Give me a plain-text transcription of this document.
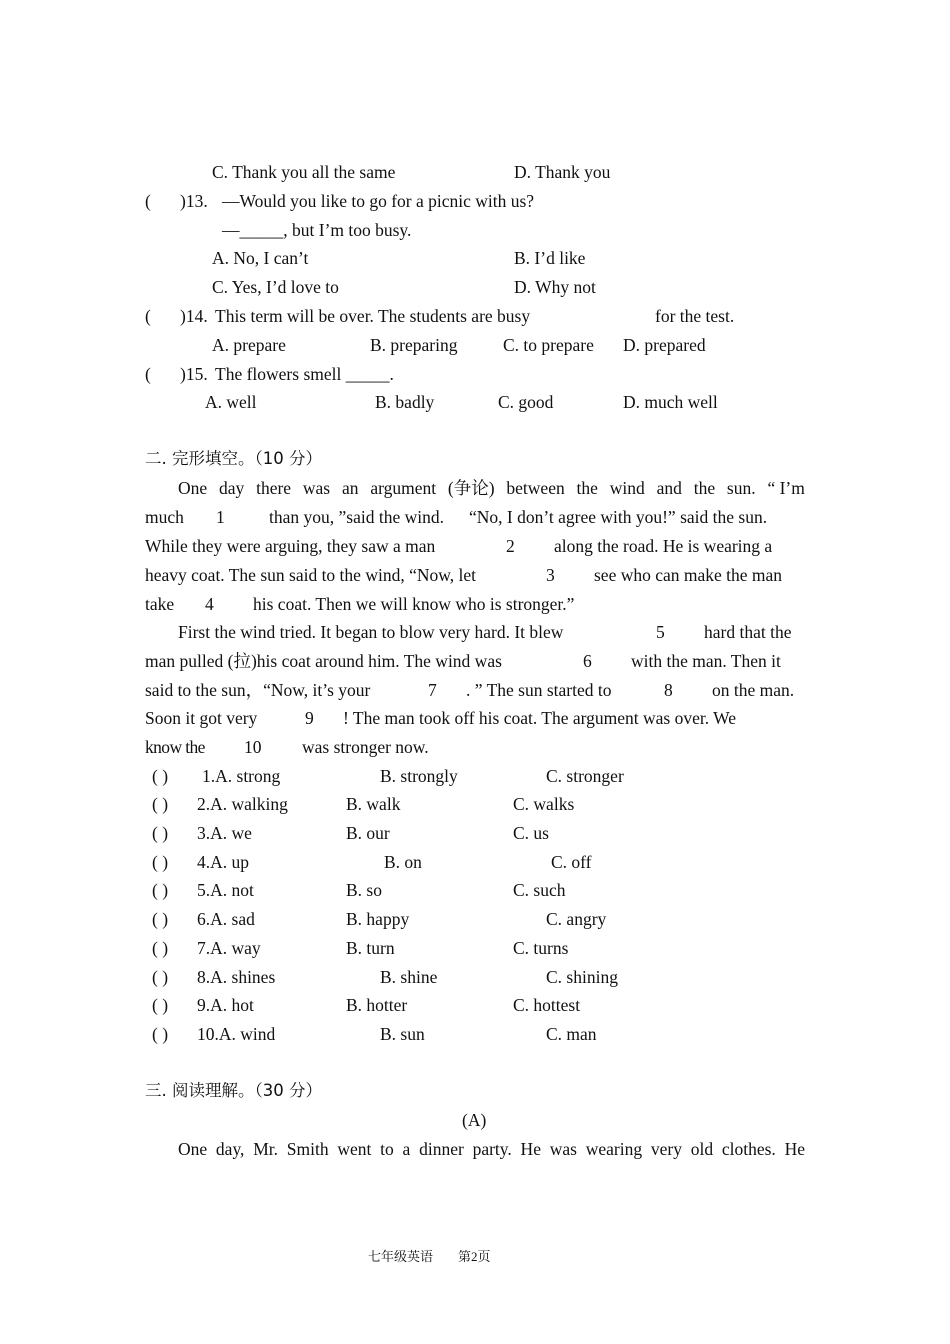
C. Thank you all the same	D. Thank you
( )13. —Would you like to go for a picnic with us?
—_____, but I’m too busy.
A. No, I can’t	B. I’d like
C. Yes, I’d love to	D. Why not
( )14. This term will be over. The students are busy	for the test.
A. prepare	B. preparing	C. to prepare D. prepared
( )15. The flowers smell _____.
A. well	B. badly	C. good	D. much well
二. 完形填空。（10 分）
One day there was an argument (争论) between the wind and the sun. “ I’m
much 1	than you, ”said the wind. “No, I don’t agree with you!” said the sun.
While they were arguing, they saw a man	2 along the road. He is wearing a
heavy coat. The sun said to the wind, “Now, let	3 see who can make the man
take 4 his coat. Then we will know who is stronger.”
First the wind tried. It began to blow very hard. It blew	5 hard that the
man pulled (拉)his coat around him. The wind was	6 with the man. Then it
said to the sun，“Now, it’s your	7 . ” The sun started to	8 on the man.
Soon it got very	9 ! The man took off his coat. The argument was over. We
know the 10 was stronger now.
( ) 1.A. strong	B. strongly	C. stronger
( ) 2.A. walking	B. walk	C. walks
( ) 3.A. we	B. our	C. us
( ) 4.A. up	B. on	C. off
( ) 5.A. not	B. so	C. such
( ) 6.A. sad	B. happy	C. angry
( ) 7.A. way	B. turn	C. turns
( ) 8.A. shines	B. shine	C. shining
( ) 9.A. hot	B. hotter	C. hottest
( ) 10.A. wind	B. sun	C. man
三. 阅读理解。（30 分）
(A)
One day, Mr. Smith went to a dinner party. He was wearing very old clothes. He
七年级英语 第2页
